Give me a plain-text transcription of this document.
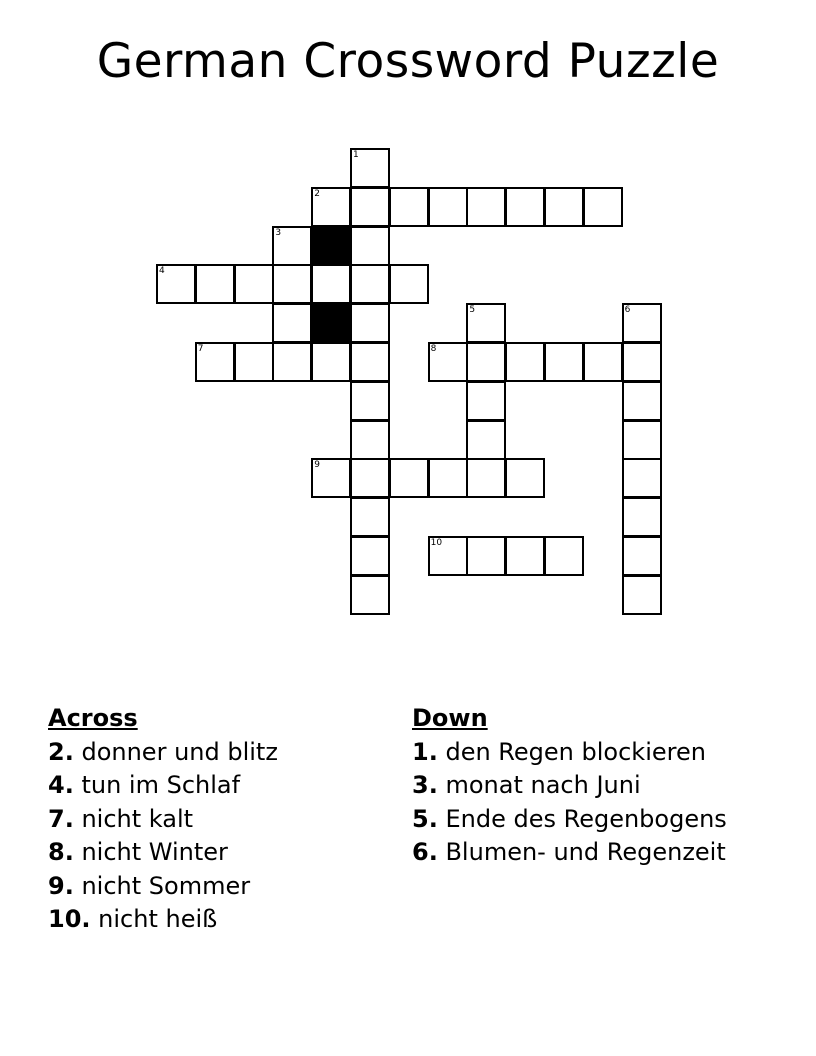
German Crossword Puzzle
1
2
3
4
5	6
7	8
9
10
Across
2. donner und blitz
4. tun im Schlaf
7. nicht kalt
8. nicht Winter
9. nicht Sommer
10. nicht heiß
Down
1. den Regen blockieren
3. monat nach Juni
5. Ende des Regenbogens
6. Blumen- und Regenzeit
